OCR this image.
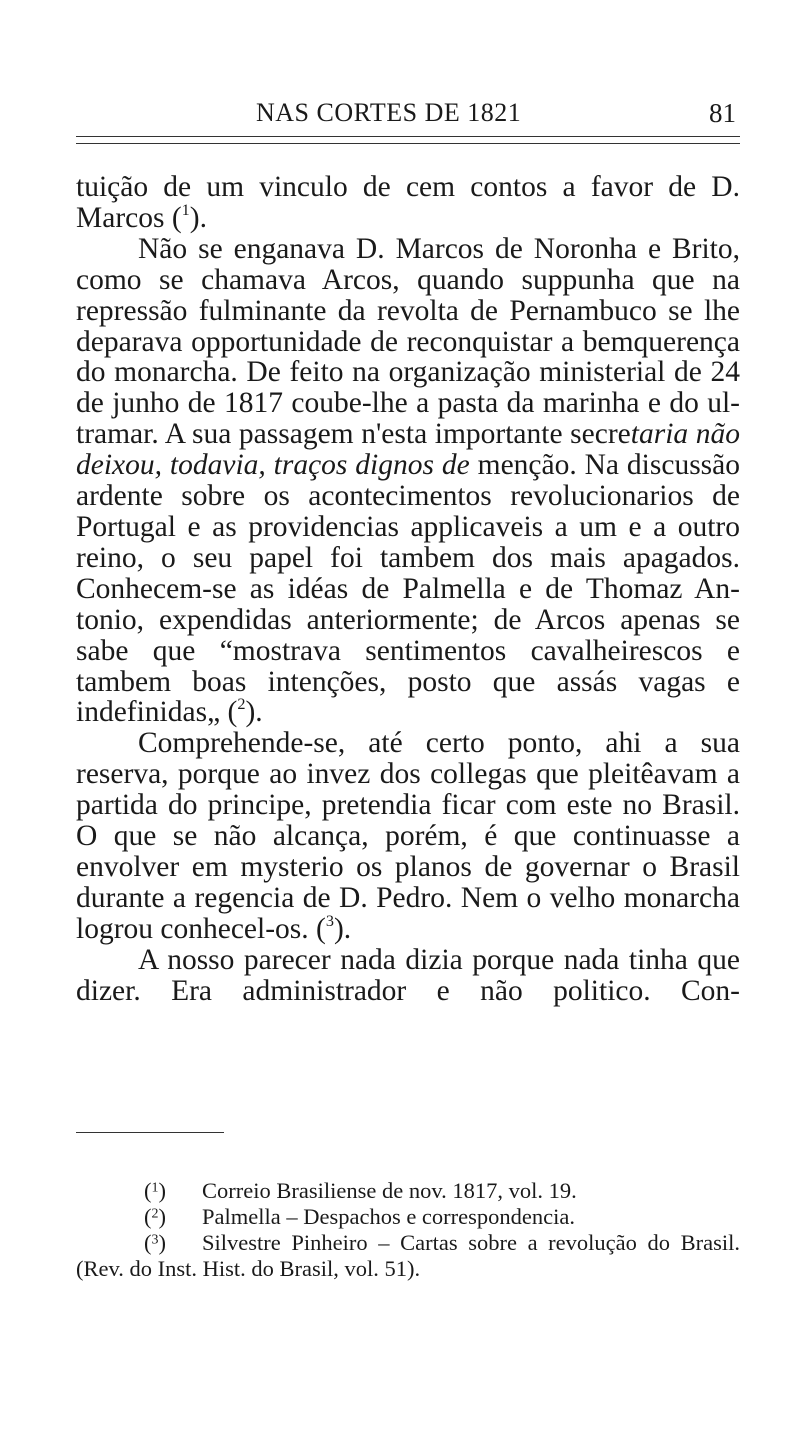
NAS CORTES DE 1821	81

tuição de um vinculo de cem contos a favor de D. Marcos ($^1$).

Não se enganava D. Marcos de Noronha e Brito, como se chamava Arcos, quando suppunha que na repressão fulminante da revolta de Pernambuco se lhe deparava opportunidade de reconquistar a bemquerença do monarcha. De feito na organização ministerial de 24 de junho de 1817 coube-lhe a pasta da marinha e do ultramar. A sua passagem n'esta importante secretaria não deixou, todavia, traços dignos de menção. Na discussão ardente sobre os acontecimentos revolucionarios de Portugal e as providencias applicaveis a um e a outro reino, o seu papel foi tambem dos mais apagados. Conhecem-se as idéas de Palmella e de Thomaz Antonio, expendidas anteriormente; de Arcos apenas se sabe que “mostrava sentimentos cavalheirescos e tambem boas intenções, posto que assás vagas e indefinidas„ ($^2$).

Comprehende-se, até certo ponto, ahi a sua reserva, porque ao invez dos collegas que pleitêavam a partida do principe, pretendia ficar com este no Brasil. O que se não alcança, porém, é que continuasse a envolver em mysterio os planos de governar o Brasil durante a regencia de D. Pedro. Nem o velho monarcha logrou conhecel-os. ($^3$).

A nosso parecer nada dizia porque nada tinha que dizer. Era administrador e não politico. Con-

($^1$) Correio Brasiliense de nov. 1817, vol. 19.

($^2$) Palmella – Despachos e correspondencia.

($^3$) Silvestre Pinheiro – Cartas sobre a revolução do Brasil. (Rev. do Inst. Hist. do Brasil, vol. 51).
